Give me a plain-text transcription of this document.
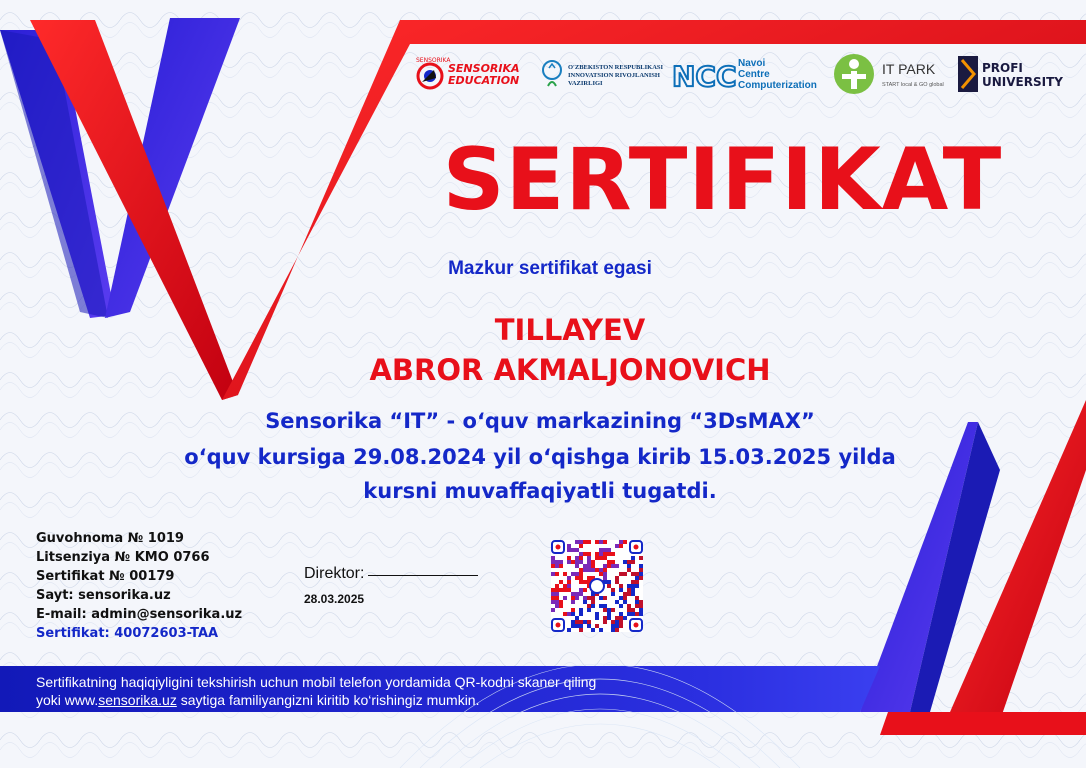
SENSORIKA
EDUCATION
SENSORIKA
O'ZBEKISTON RESPUBLIKASI
INNOVATSION RIVOJLANISH
VAZIRLIGI NCC Navoi
Centre
Computerization
IT PARK
START local & GO global
PROFI
UNIVERSITY
SERTIFIKAT
Mazkur sertifikat egasi
TILLAYEV
ABROR AKMALJONOVICH
Sensorika “IT” - o‘quv markazining “3DsMAX”
o‘quv kursiga 29.08.2024 yil o‘qishga kirib 15.03.2025 yilda
kursni muvaffaqiyatli tugatdi.
Guvohnoma № 1019
Litsenziya № KMO 0766
Sertifikat № 00179
Sayt: sensorika.uz
E-mail: admin@sensorika.uz
Sertifikat: 40072603-TAA
Direktor:
28.03.2025
Sertifikatning haqiqiyligini tekshirish uchun mobil telefon yordamida QR-kodni skaner qiling
yoki www.sensorika.uz saytiga familiyangizni kiritib ko‘rishingiz mumkin.
